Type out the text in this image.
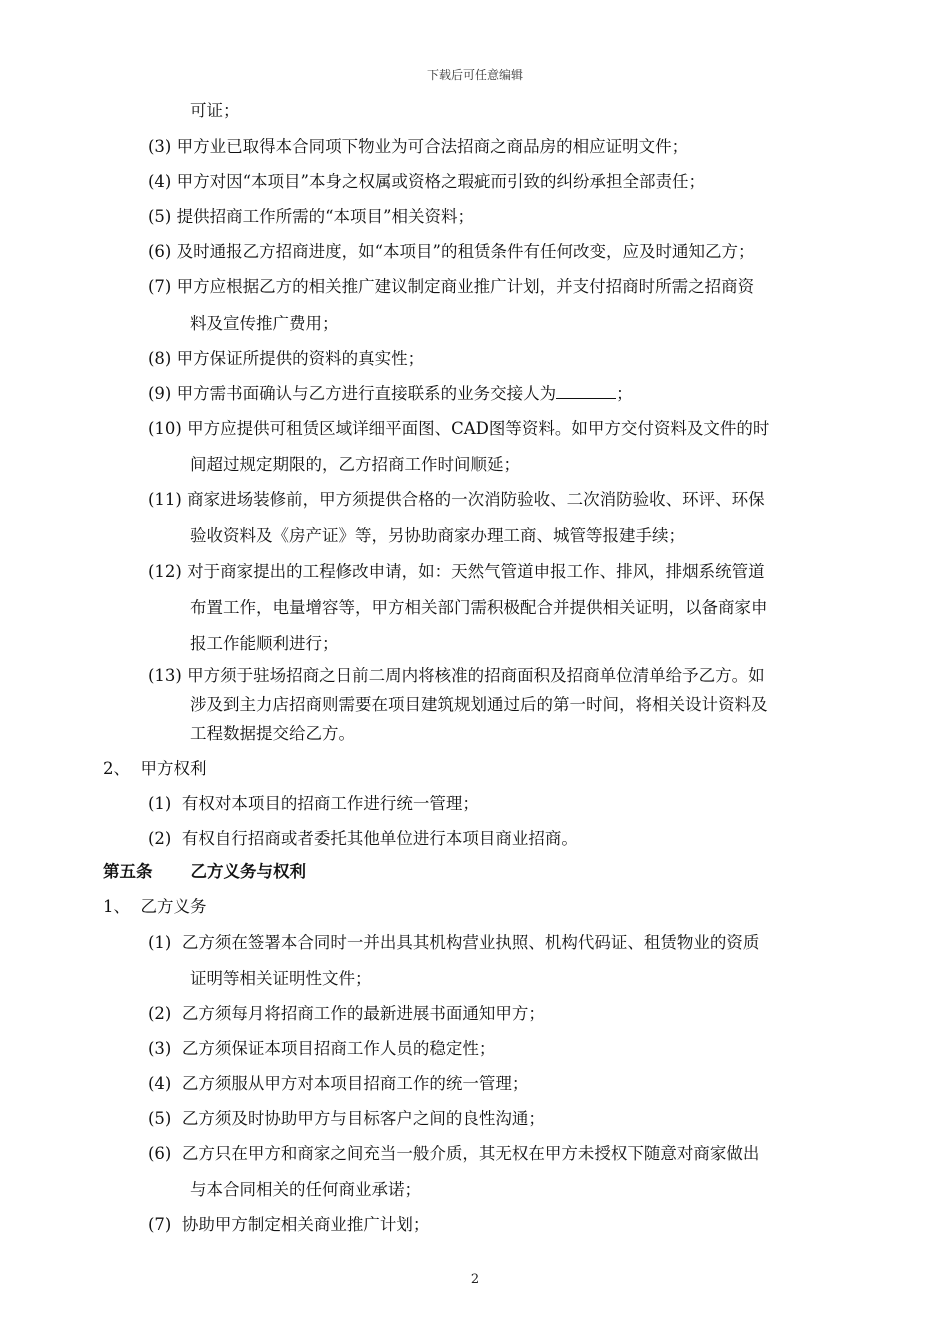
下载后可任意编辑
可证；
(3) 甲方业已取得本合同项下物业为可合法招商之商品房的相应证明文件；
(4) 甲方对因“本项目”本身之权属或资格之瑕疵而引致的纠纷承担全部责任；
(5) 提供招商工作所需的“本项目”相关资料；
(6) 及时通报乙方招商进度，如“本项目”的租赁条件有任何改变，应及时通知乙方；
(7) 甲方应根据乙方的相关推广建议制定商业推广计划，并支付招商时所需之招商资
料及宣传推广费用；
(8) 甲方保证所提供的资料的真实性；
(9) 甲方需书面确认与乙方进行直接联系的业务交接人为	；
(10) 甲方应提供可租赁区域详细平面图、CAD图等资料。如甲方交付资料及文件的时
间超过规定期限的，乙方招商工作时间顺延；
(11) 商家进场装修前，甲方须提供合格的一次消防验收、二次消防验收、环评、环保
验收资料及《房产证》等，另协助商家办理工商、城管等报建手续；
(12) 对于商家提出的工程修改申请，如：天然气管道申报工作、排风，排烟系统管道
布置工作，电量增容等，甲方相关部门需积极配合并提供相关证明，以备商家申
报工作能顺利进行；
(13) 甲方须于驻场招商之日前二周内将核准的招商面积及招商单位清单给予乙方。如
涉及到主力店招商则需要在项目建筑规划通过后的第一时间，将相关设计资料及
工程数据提交给乙方。
2、 甲方权利
(1) 有权对本项目的招商工作进行统一管理；
(2) 有权自行招商或者委托其他单位进行本项目商业招商。
第五条 乙方义务与权利
1、 乙方义务
(1) 乙方须在签署本合同时一并出具其机构营业执照、机构代码证、租赁物业的资质
证明等相关证明性文件；
(2) 乙方须每月将招商工作的最新进展书面通知甲方；
(3) 乙方须保证本项目招商工作人员的稳定性；
(4) 乙方须服从甲方对本项目招商工作的统一管理；
(5) 乙方须及时协助甲方与目标客户之间的良性沟通；
(6) 乙方只在甲方和商家之间充当一般介质，其无权在甲方未授权下随意对商家做出
与本合同相关的任何商业承诺；
(7) 协助甲方制定相关商业推广计划；
2
